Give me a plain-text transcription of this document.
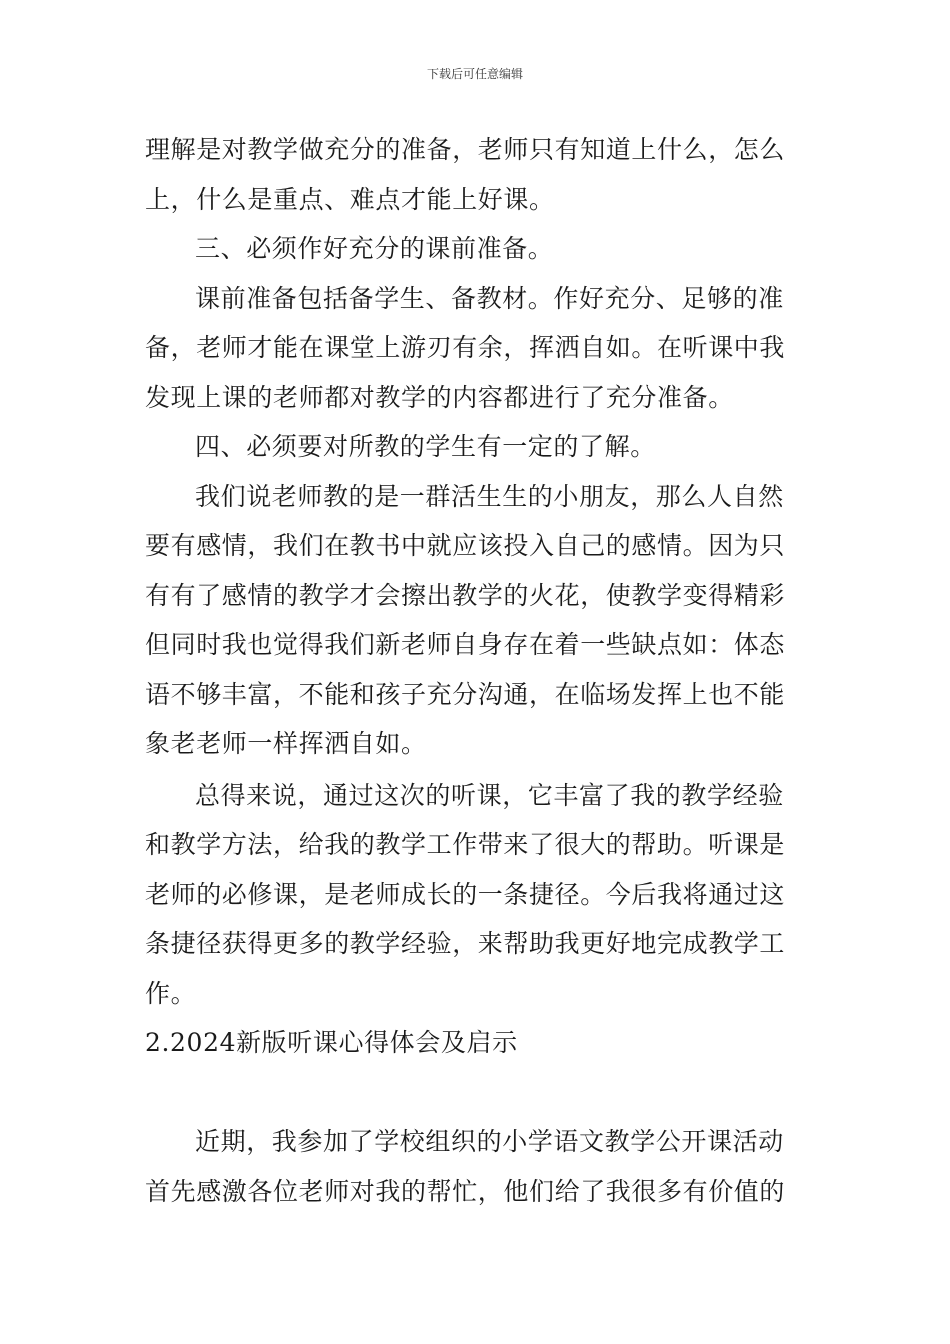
下载后可任意编辑
理解是对教学做充分的准备，老师只有知道上什么，怎么
上，什么是重点、难点才能上好课。
三、必须作好充分的课前准备。
课前准备包括备学生、备教材。作好充分、足够的准
备，老师才能在课堂上游刃有余，挥洒自如。在听课中我
发现上课的老师都对教学的内容都进行了充分准备。
四、必须要对所教的学生有一定的了解。
我们说老师教的是一群活生生的小朋友，那么人自然
要有感情，我们在教书中就应该投入自己的感情。因为只
有有了感情的教学才会擦出教学的火花，使教学变得精彩
但同时我也觉得我们新老师自身存在着一些缺点如：体态
语不够丰富，不能和孩子充分沟通，在临场发挥上也不能
象老老师一样挥洒自如。
总得来说，通过这次的听课，它丰富了我的教学经验
和教学方法，给我的教学工作带来了很大的帮助。听课是
老师的必修课，是老师成长的一条捷径。今后我将通过这
条捷径获得更多的教学经验，来帮助我更好地完成教学工
作。
2.2024新版听课心得体会及启示
近期，我参加了学校组织的小学语文教学公开课活动
首先感激各位老师对我的帮忙，他们给了我很多有价值的
